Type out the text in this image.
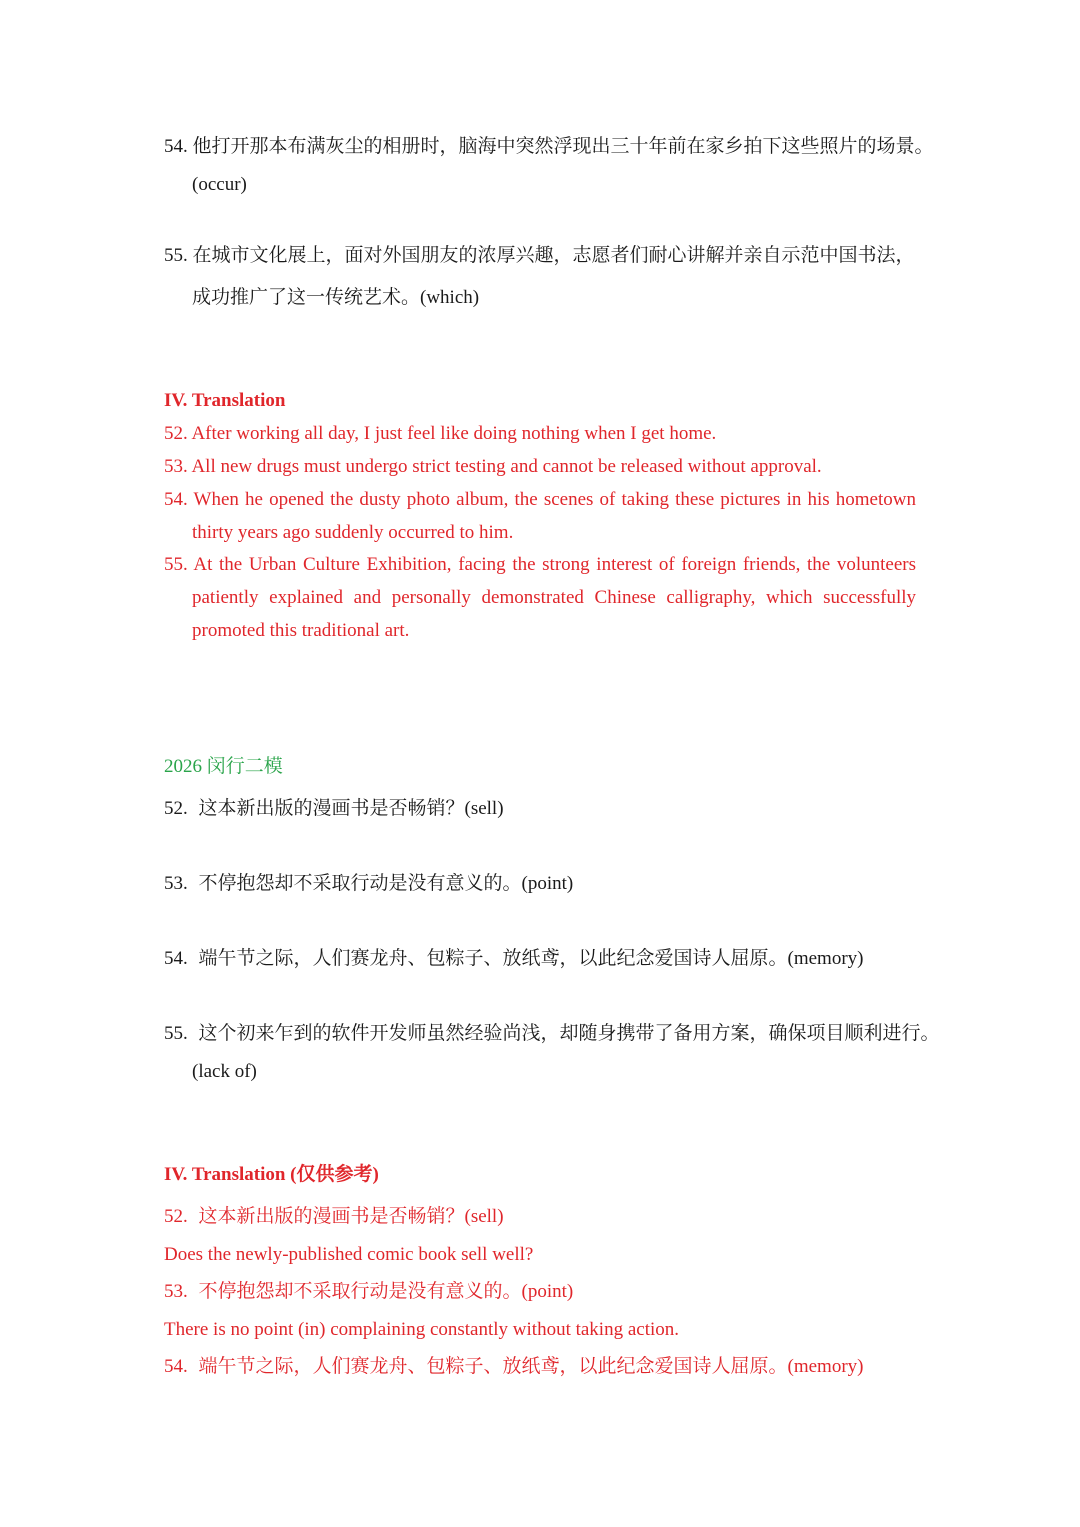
54. 他打开那本布满灰尘的相册时，脑海中突然浮现出三十年前在家乡拍下这些照片的场景。
(occur)
55. 在城市文化展上，面对外国朋友的浓厚兴趣，志愿者们耐心讲解并亲自示范中国书法，
成功推广了这一传统艺术。(which)
IV. Translation
52. After working all day, I just feel like doing nothing when I get home.
53. All new drugs must undergo strict testing and cannot be released without approval.
54. When he opened the dusty photo album, the scenes of taking these pictures in his hometown
thirty years ago suddenly occurred to him.
55. At the Urban Culture Exhibition, facing the strong interest of foreign friends, the volunteers
patiently explained and personally demonstrated Chinese calligraphy, which successfully
promoted this traditional art.
2026 闵行二模
52. 这本新出版的漫画书是否畅销？(sell)
53. 不停抱怨却不采取行动是没有意义的。(point)
54. 端午节之际，人们赛龙舟、包粽子、放纸鸢，以此纪念爱国诗人屈原。(memory)
55. 这个初来乍到的软件开发师虽然经验尚浅，却随身携带了备用方案，确保项目顺利进行。
(lack of)
IV. Translation (仅供参考)
52. 这本新出版的漫画书是否畅销？(sell)
Does the newly-published comic book sell well?
53. 不停抱怨却不采取行动是没有意义的。(point)
There is no point (in) complaining constantly without taking action.
54. 端午节之际，人们赛龙舟、包粽子、放纸鸢，以此纪念爱国诗人屈原。(memory)
